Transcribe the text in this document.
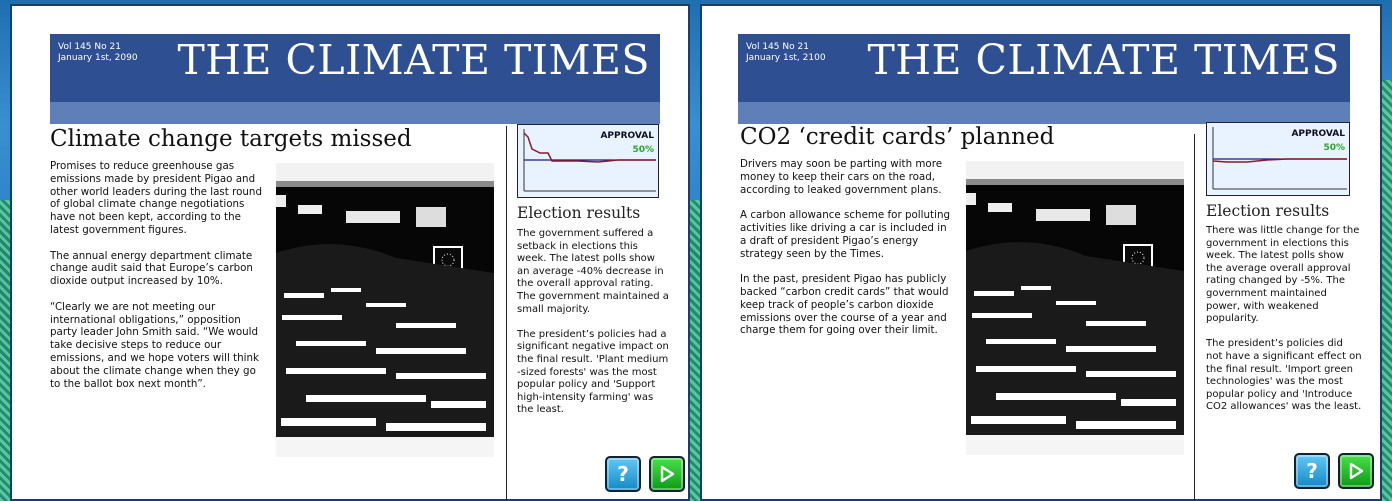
Vol 145 No 21
January 1st, 2090 THE CLIMATE TIMES
Climate change targets missed

Promises to reduce greenhouse gas emissions made by president Pigao and other world leaders during the last round of global climate change negotiations have not been kept, according to the latest government figures.

The annual energy department climate change audit said that Europe’s carbon dioxide output increased by 10%.

“Clearly we are not meeting our international obligations,” opposition party leader John Smith said. “We would take decisive steps to reduce our emissions, and we hope voters will think about the climate change when they go to the ballot box next month”.

APPROVAL
50%
Election results

The government suffered a setback in elections this week. The latest polls show an average -40% decrease in the overall approval rating. The government maintained a small majority.

The president’s policies had a significant negative impact on the final result. 'Plant medium -sized forests' was the most popular policy and 'Support high-intensity farming' was the least.

?
Vol 145 No 21
January 1st, 2100 THE CLIMATE TIMES
CO2 ‘credit cards’ planned

Drivers may soon be parting with more money to keep their cars on the road, according to leaked government plans.

A carbon allowance scheme for polluting activities like driving a car is included in a draft of president Pigao’s energy strategy seen by the Times.

In the past, president Pigao has publicly backed “carbon credit cards” that would keep track of people’s carbon dioxide emissions over the course of a year and charge them for going over their limit.

APPROVAL
50%
Election results

There was little change for the government in elections this week. The latest polls show the average overall approval rating changed by -5%. The government maintained power, with weakened popularity.

The president’s policies did not have a significant effect on the final result. 'Import green technologies' was the most popular policy and 'Introduce CO2 allowances' was the least.

?
